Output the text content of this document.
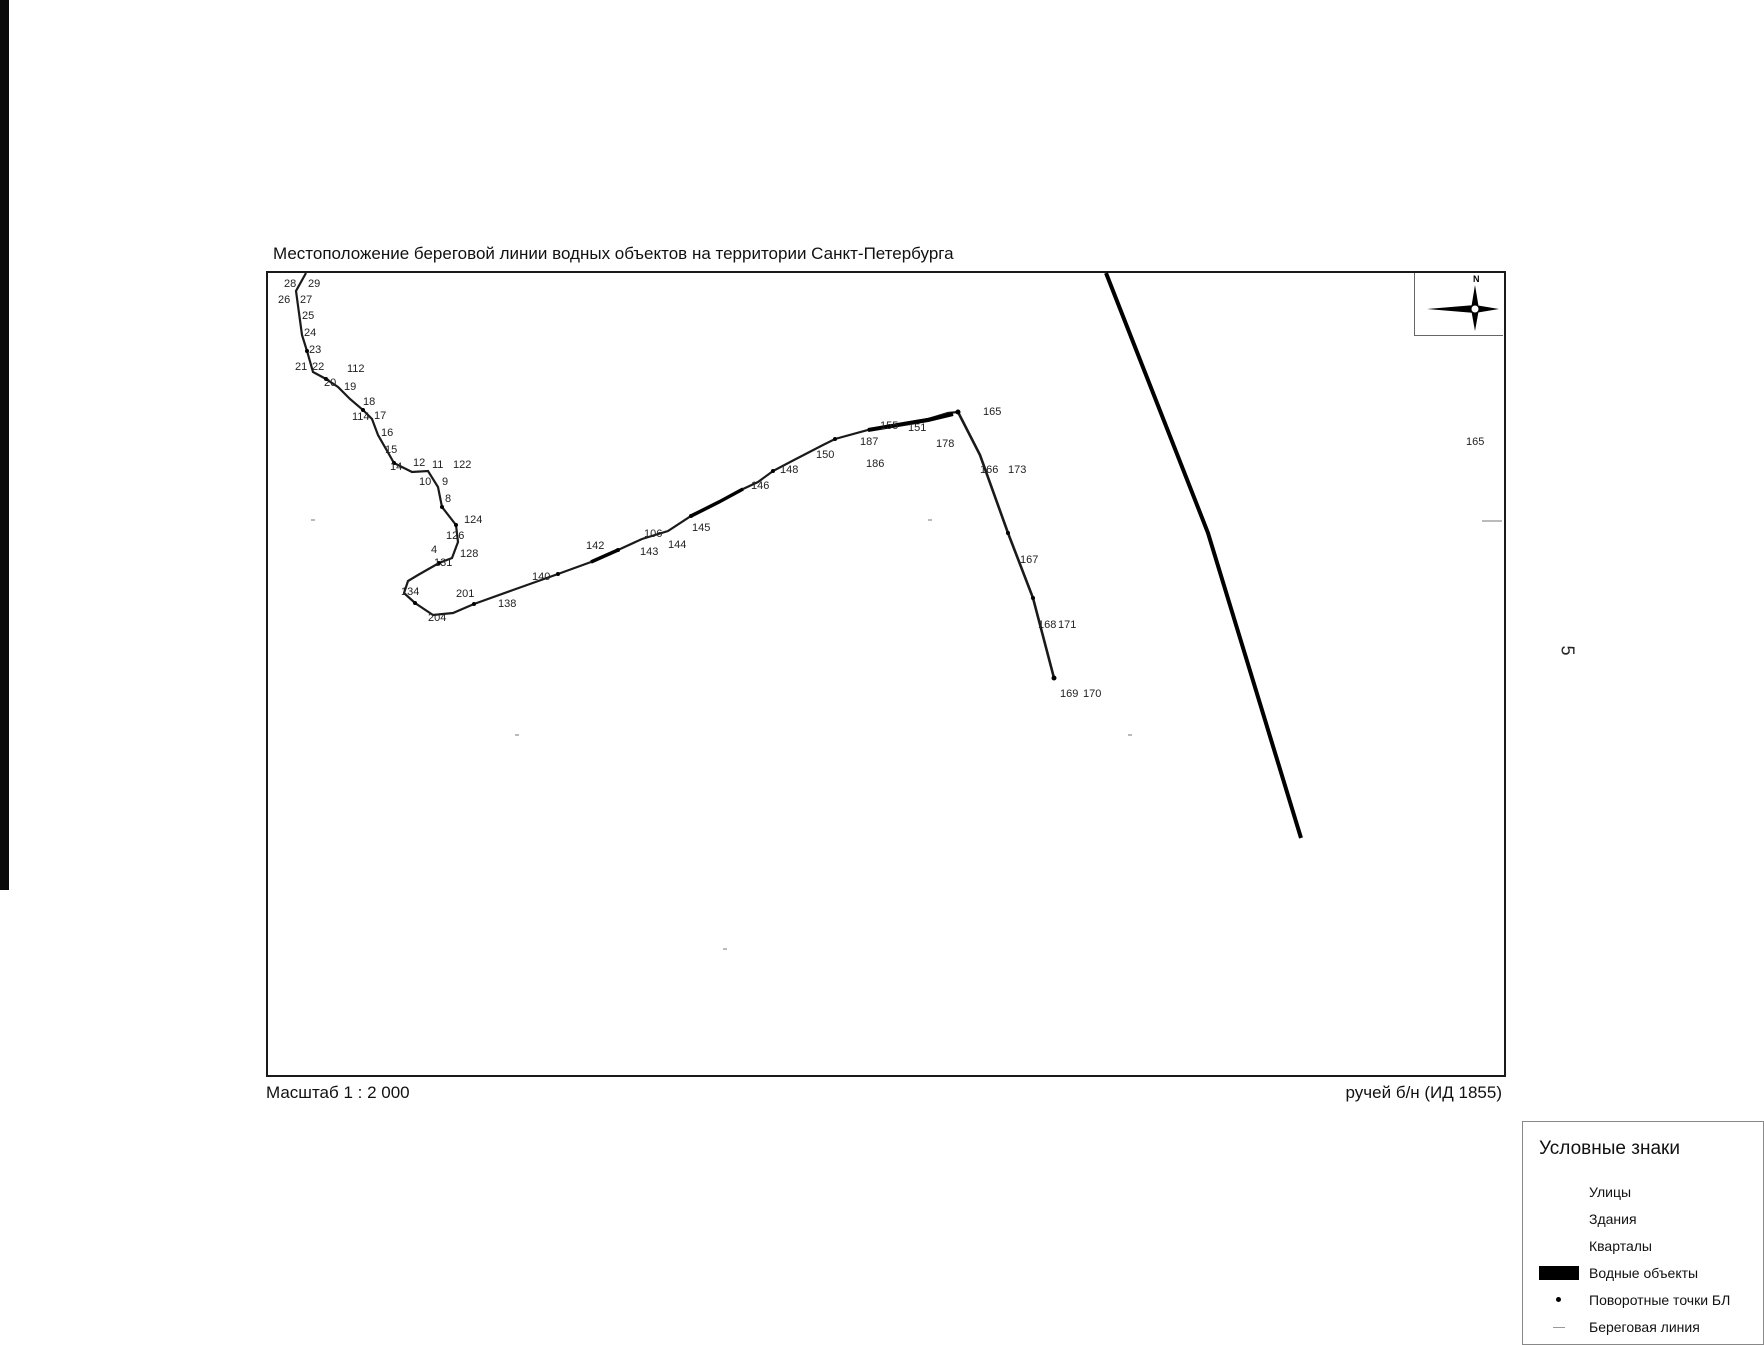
5
Местоположение береговой линии водных объектов на территории Санкт-Петербурга
28 29
26 27
25
24
23
21 22 112
20 19
18
114 17
16
15
14 12 11 122
10 9
8
124
126
128
4
131
134	201
204
138
140
142	143
106
144
145
146
148
150
186
187
155 151
178
165
166 173
167
168 171
169 170
165
N
Условные знаки
Улицы
Здания
Кварталы
Водные объекты
Поворотные точки БЛ
Береговая линия
Масштаб 1 : 2 000	ручей б/н (ИД 1855)
